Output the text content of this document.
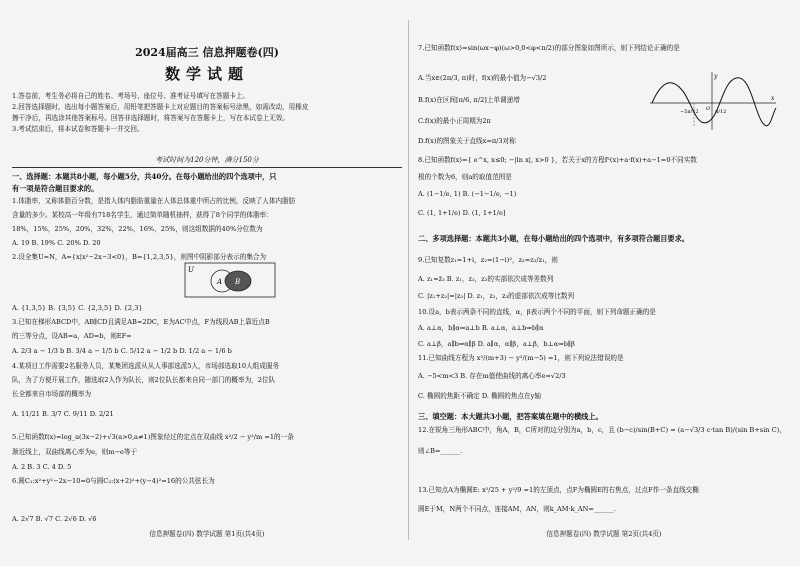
2024届高三 信息押题卷(四)
数学试题
1.答卷前，考生务必将自己的姓名、考场号、座位号、准考证号填写在答题卡上。
2.回答选择题时，选出每小题答案后，用铅笔把答题卡上对应题目的答案标号涂黑，如需改动，用橡皮
擦干净后，再选涂其他答案标号。回答非选择题时，将答案写在答题卡上，写在本试卷上无效。
3.考试结束后，将本试卷和答题卡一并交回。
考试时间为120分钟，满分150分
一、选择题：本题共8小题，每小题5分，共40分。在每小题给出的四个选项中，只
有一项是符合题目要求的。
1.体脂率，又称体脂百分数，是指人体内脂肪重量在人体总体重中所占的比例，反映了人体内脂肪
含量的多少。某校高一年级有718名学生，通过简单随机抽样，获得了8个同学的体脂率：
18%，15%，25%，20%，32%，22%，16%，25%，则这组数据的40%分位数为
A. 19 B. 19% C. 20% D. 20
2.设全集U=N，A={x|x²−2x−3<0}，B={1,2,3,5}，则图中阴影部分表示的集合为
A. {1,3,5} B. {3,5} C. {2,3,5} D. {2,3}
3.已知在梯形ABCD中，AB∥CD且满足AB=2DC，E为AC中点，F为线段AB上靠近点B
的三等分点，设AB=a，AD=b，则EF=
A. 2/3 a − 1/3 b B. 3/4 a − 1/5 b C. 5/12 a − 1/2 b D. 1/2 a − 1/6 b
4.某项目工作需要2名服务人员，某集团选派从从人事部选派5人，市场部选取10人组成服务
队，为了方便开展工作，随选取2人作为队长，则2位队长都来自同一部门的概率为，2位队
长全都来自市场部的概率为
A. 11/21 B. 3/7 C. 9/11 D. 2/21
5.已知函数f(x)=log_a(3x−2)+√3(a>0,a≠1)图象经过的定点在双曲线 x²/2 − y²/m =1的一条
渐近线上，双曲线离心率为e，则m−e等于
A. 2 B. 3 C. 4 D. 5
6.圆C₁:x²+y²−2x−10=0与圆C₂:(x+2)²+(y−4)²=16的公共弦长为
A. 2√7 B. √7 C. 2√6 D. √6
U
A B
信息押题卷(四) 数学试题 第1页(共4页)
7.已知函数f(x)=sin(ωx−φ)(ω>0,0<φ<π/2)的部分图象如图所示，则下列结论正确的是
A.当x∈(2π/3, π)时，f(x)的最小值为−√3/2
B.f(x)在区间[π/6, π/2]上单调递增
C.f(x)的最小正周期为2π
D.f(x)的图象关于直线x=π/3对称
8.已知函数f(x)={ e^x, x≤0; −|ln x|, x>0 }，若关于x的方程f²(x)+a·f(x)+a−1=0不同实数
根的个数为6，则a的取值范围是
A. (1−1/e, 1) B. (−1−1/e, −1)
C. (1, 1+1/e) D. (1, 1+1/e]
二、多项选择题：本题共3小题，在每小题给出的四个选项中，有多项符合题目要求。
9.已知复数z₁=1+i，z₂=(1−i)²，z₃=z₂/z₁，则
A. z₁=z̄₃ B. z₁，z₂，z₃的实部依次成等差数列
C. |z₁+z₂|=|z₃| D. z₁，z₂，z₃的虚部依次成等比数列
10.设a，b表示两条不同的直线，α，β表示两个不同的平面，则下列命题正确的是
A. a⊥α，b∥α⇒a⊥b B. a⊥α，a⊥b⇒b∥α
C. a⊥β，a∥b⇒α∥β D. a∥α，α∥β，a⊥β，b⊥α⇒b∥β
11.已知曲线方程为 x²/(m+3) − y²/(m−5) =1，则下列说法错误的是
A. −5<m<3 B. 存在m值使曲线的离心率e=√2/3
C. 椭圆的焦距不确定 D. 椭圆的焦点在y轴
三、填空题：本大题共3小题，把答案填在题中的横线上。
12.在锐角三角形ABC中，角A，B，C所对的边分别为a，b，c，且 (b−c)/sin(B+C) = (a−√3/3 c·tan B)/(sin B+sin C)，
则∠B=______.
13.已知点A为椭圆E: x²/25 + y²/9 =1的左顶点，点F为椭圆E的右焦点，过点F作一条直线交椭
圆E于M，N两个不同点，连接AM，AN，则k_AM·k_AN=______.
−5π/12	π/12
O
x
y
信息押题卷(四) 数学试题 第2页(共4页)
